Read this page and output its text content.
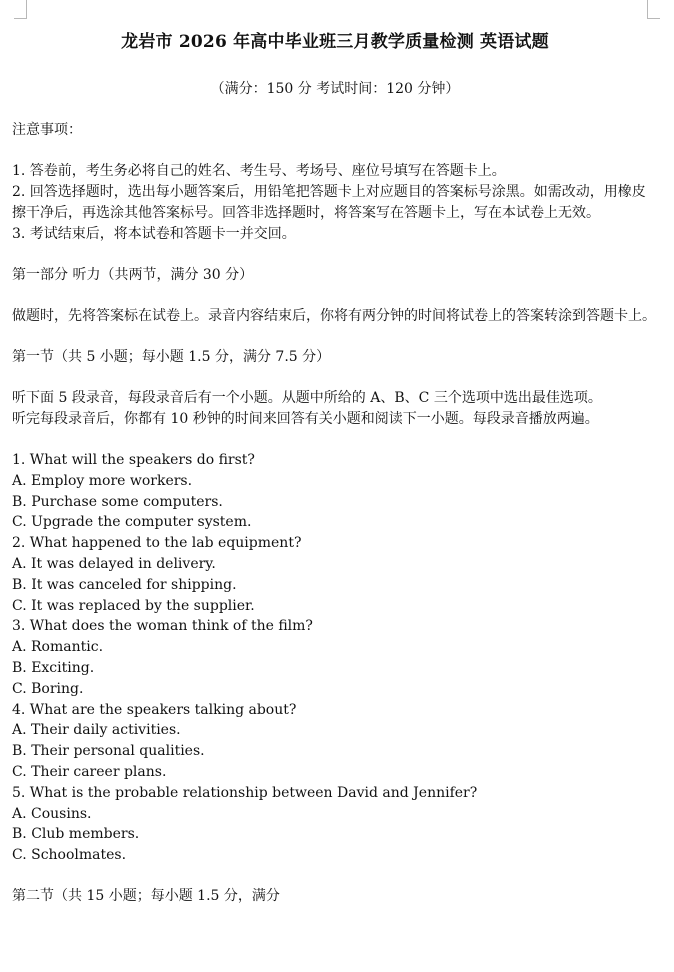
龙岩市 2026 年高中毕业班三月教学质量检测 英语试题
（满分：150 分 考试时间：120 分钟）

注意事项：

1. 答卷前，考生务必将自己的姓名、考生号、考场号、座位号填写在答题卡上。

2. 回答选择题时，选出每小题答案后，用铅笔把答题卡上对应题目的答案标号涂黑。如需改动，用橡皮擦干净后，再选涂其他答案标号。回答非选择题时，将答案写在答题卡上，写在本试卷上无效。

3. 考试结束后，将本试卷和答题卡一并交回。

第一部分 听力（共两节，满分 30 分）

做题时，先将答案标在试卷上。录音内容结束后，你将有两分钟的时间将试卷上的答案转涂到答题卡上。

第一节（共 5 小题；每小题 1.5 分，满分 7.5 分）

听下面 5 段录音，每段录音后有一个小题。从题中所给的 A、B、C 三个选项中选出最佳选项。

听完每段录音后，你都有 10 秒钟的时间来回答有关小题和阅读下一小题。每段录音播放两遍。

1. What will the speakers do first?
A. Employ more workers.
B. Purchase some computers.
C. Upgrade the computer system.
2. What happened to the lab equipment?
A. It was delayed in delivery.
B. It was canceled for shipping.
C. It was replaced by the supplier.
3. What does the woman think of the film?
A. Romantic.
B. Exciting.
C. Boring.
4. What are the speakers talking about?
A. Their daily activities.
B. Their personal qualities.
C. Their career plans.
5. What is the probable relationship between David and Jennifer?
A. Cousins.
B. Club members.
C. Schoolmates.

第二节（共 15 小题；每小题 1.5 分，满分
